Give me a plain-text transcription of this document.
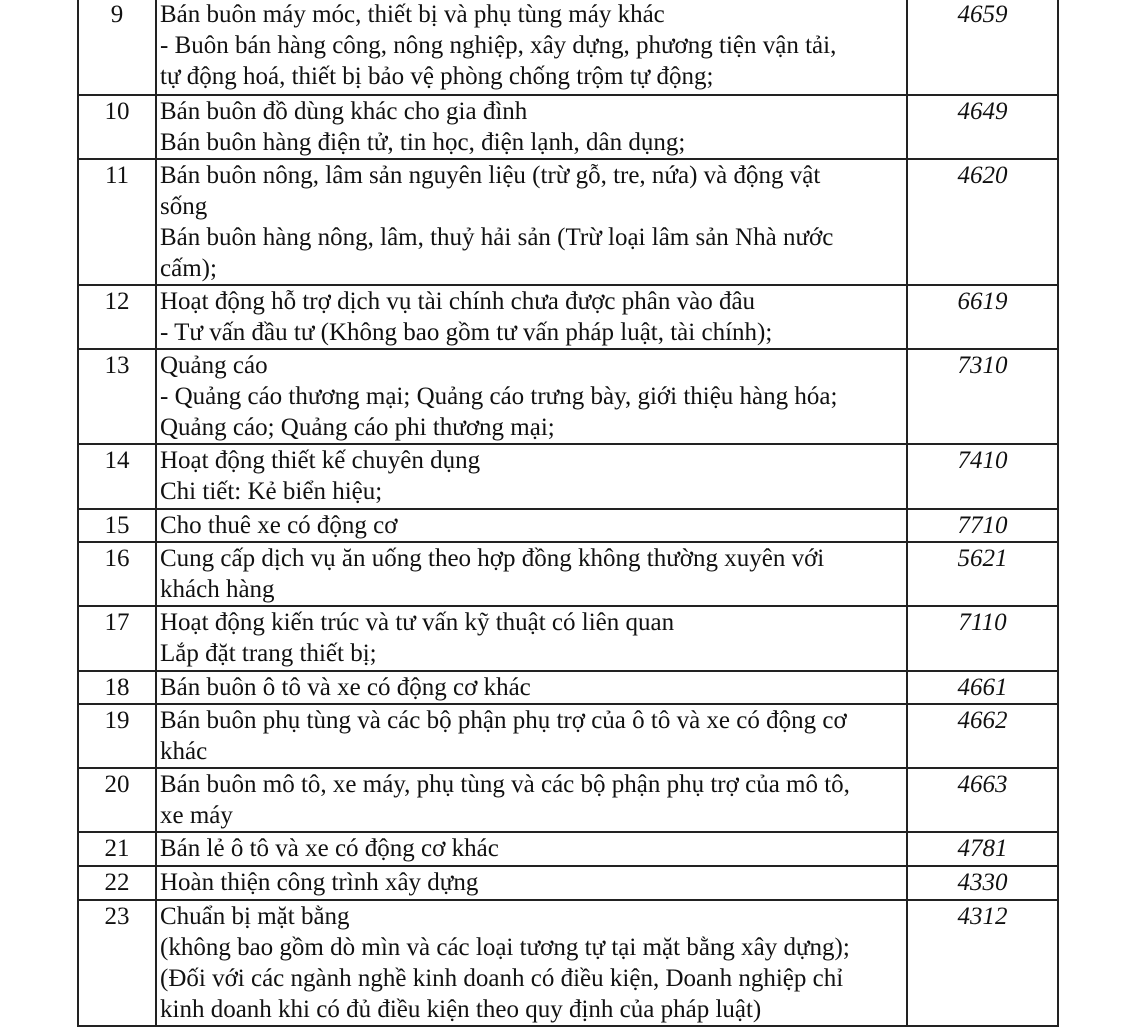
9	Bán buôn máy móc, thiết bị và phụ tùng máy khác
- Buôn bán hàng công, nông nghiệp, xây dựng, phương tiện vận tải,
tự động hoá, thiết bị bảo vệ phòng chống trộm tự động;	4659

10	Bán buôn đồ dùng khác cho gia đình
Bán buôn hàng điện tử, tin học, điện lạnh, dân dụng;	4649

11	Bán buôn nông, lâm sản nguyên liệu (trừ gỗ, tre, nứa) và động vật
sống
Bán buôn hàng nông, lâm, thuỷ hải sản (Trừ loại lâm sản Nhà nước
cấm);	4620

12	Hoạt động hỗ trợ dịch vụ tài chính chưa được phân vào đâu
- Tư vấn đầu tư (Không bao gồm tư vấn pháp luật, tài chính);	6619

13	Quảng cáo
- Quảng cáo thương mại; Quảng cáo trưng bày, giới thiệu hàng hóa;
Quảng cáo; Quảng cáo phi thương mại;	7310

14	Hoạt động thiết kế chuyên dụng
Chi tiết: Kẻ biển hiệu;	7410

15	Cho thuê xe có động cơ	7710

16	Cung cấp dịch vụ ăn uống theo hợp đồng không thường xuyên với
khách hàng	5621

17	Hoạt động kiến trúc và tư vấn kỹ thuật có liên quan
Lắp đặt trang thiết bị;	7110

18	Bán buôn ô tô và xe có động cơ khác	4661

19	Bán buôn phụ tùng và các bộ phận phụ trợ của ô tô và xe có động cơ
khác	4662

20	Bán buôn mô tô, xe máy, phụ tùng và các bộ phận phụ trợ của mô tô,
xe máy	4663

21	Bán lẻ ô tô và xe có động cơ khác	4781

22	Hoàn thiện công trình xây dựng	4330

23	Chuẩn bị mặt bằng
(không bao gồm dò mìn và các loại tương tự tại mặt bằng xây dựng);
(Đối với các ngành nghề kinh doanh có điều kiện, Doanh nghiệp chỉ
kinh doanh khi có đủ điều kiện theo quy định của pháp luật)	4312
